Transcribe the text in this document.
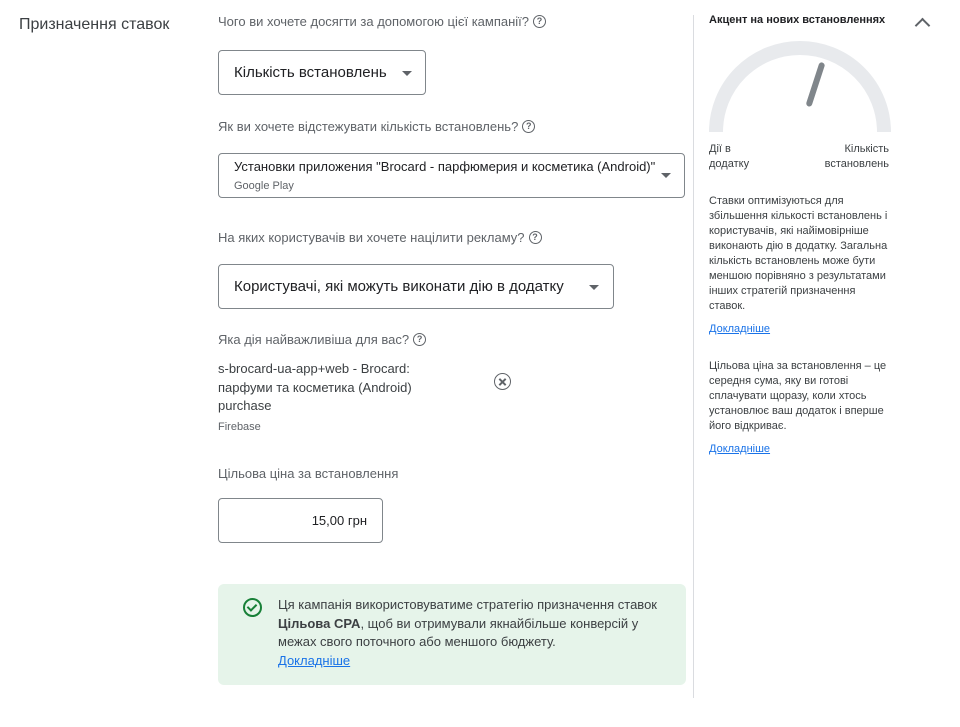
Призначення ставок	Чого ви хочете досягти за допомогою цієї кампанії? ?
Кількість встановлень
Як ви хочете відстежувати кількість встановлень? ?
Установки приложения "Brocard - парфюмерия и косметика (Android)"
Google Play
На яких користувачів ви хочете націлити рекламу? ?
Користувачі, які можуть виконати дію в додатку
Яка дія найважливіша для вас? ?
s-brocard-ua-app+web - Brocard:
парфуми та косметика (Android)
purchase
Firebase
Цільова ціна за встановлення
15,00 грн
Ця кампанія використовуватиме стратегію призначення ставок Цільова CPA, щоб ви отримували якнайбільше конверсій у межах свого поточного або меншого бюджету.
Докладніше
Акцент на нових встановленнях
Дії в
додатку
Кількість
встановлень
Ставки оптимізуються для збільшення кількості встановлень і користувачів, які найімовірніше виконають дію в додатку. Загальна кількість встановлень може бути меншою порівняно з результатами інших стратегій призначення ставок.
Докладніше
Цільова ціна за встановлення – це середня сума, яку ви готові сплачувати щоразу, коли хтось установлює ваш додаток і вперше його відкриває.
Докладніше
